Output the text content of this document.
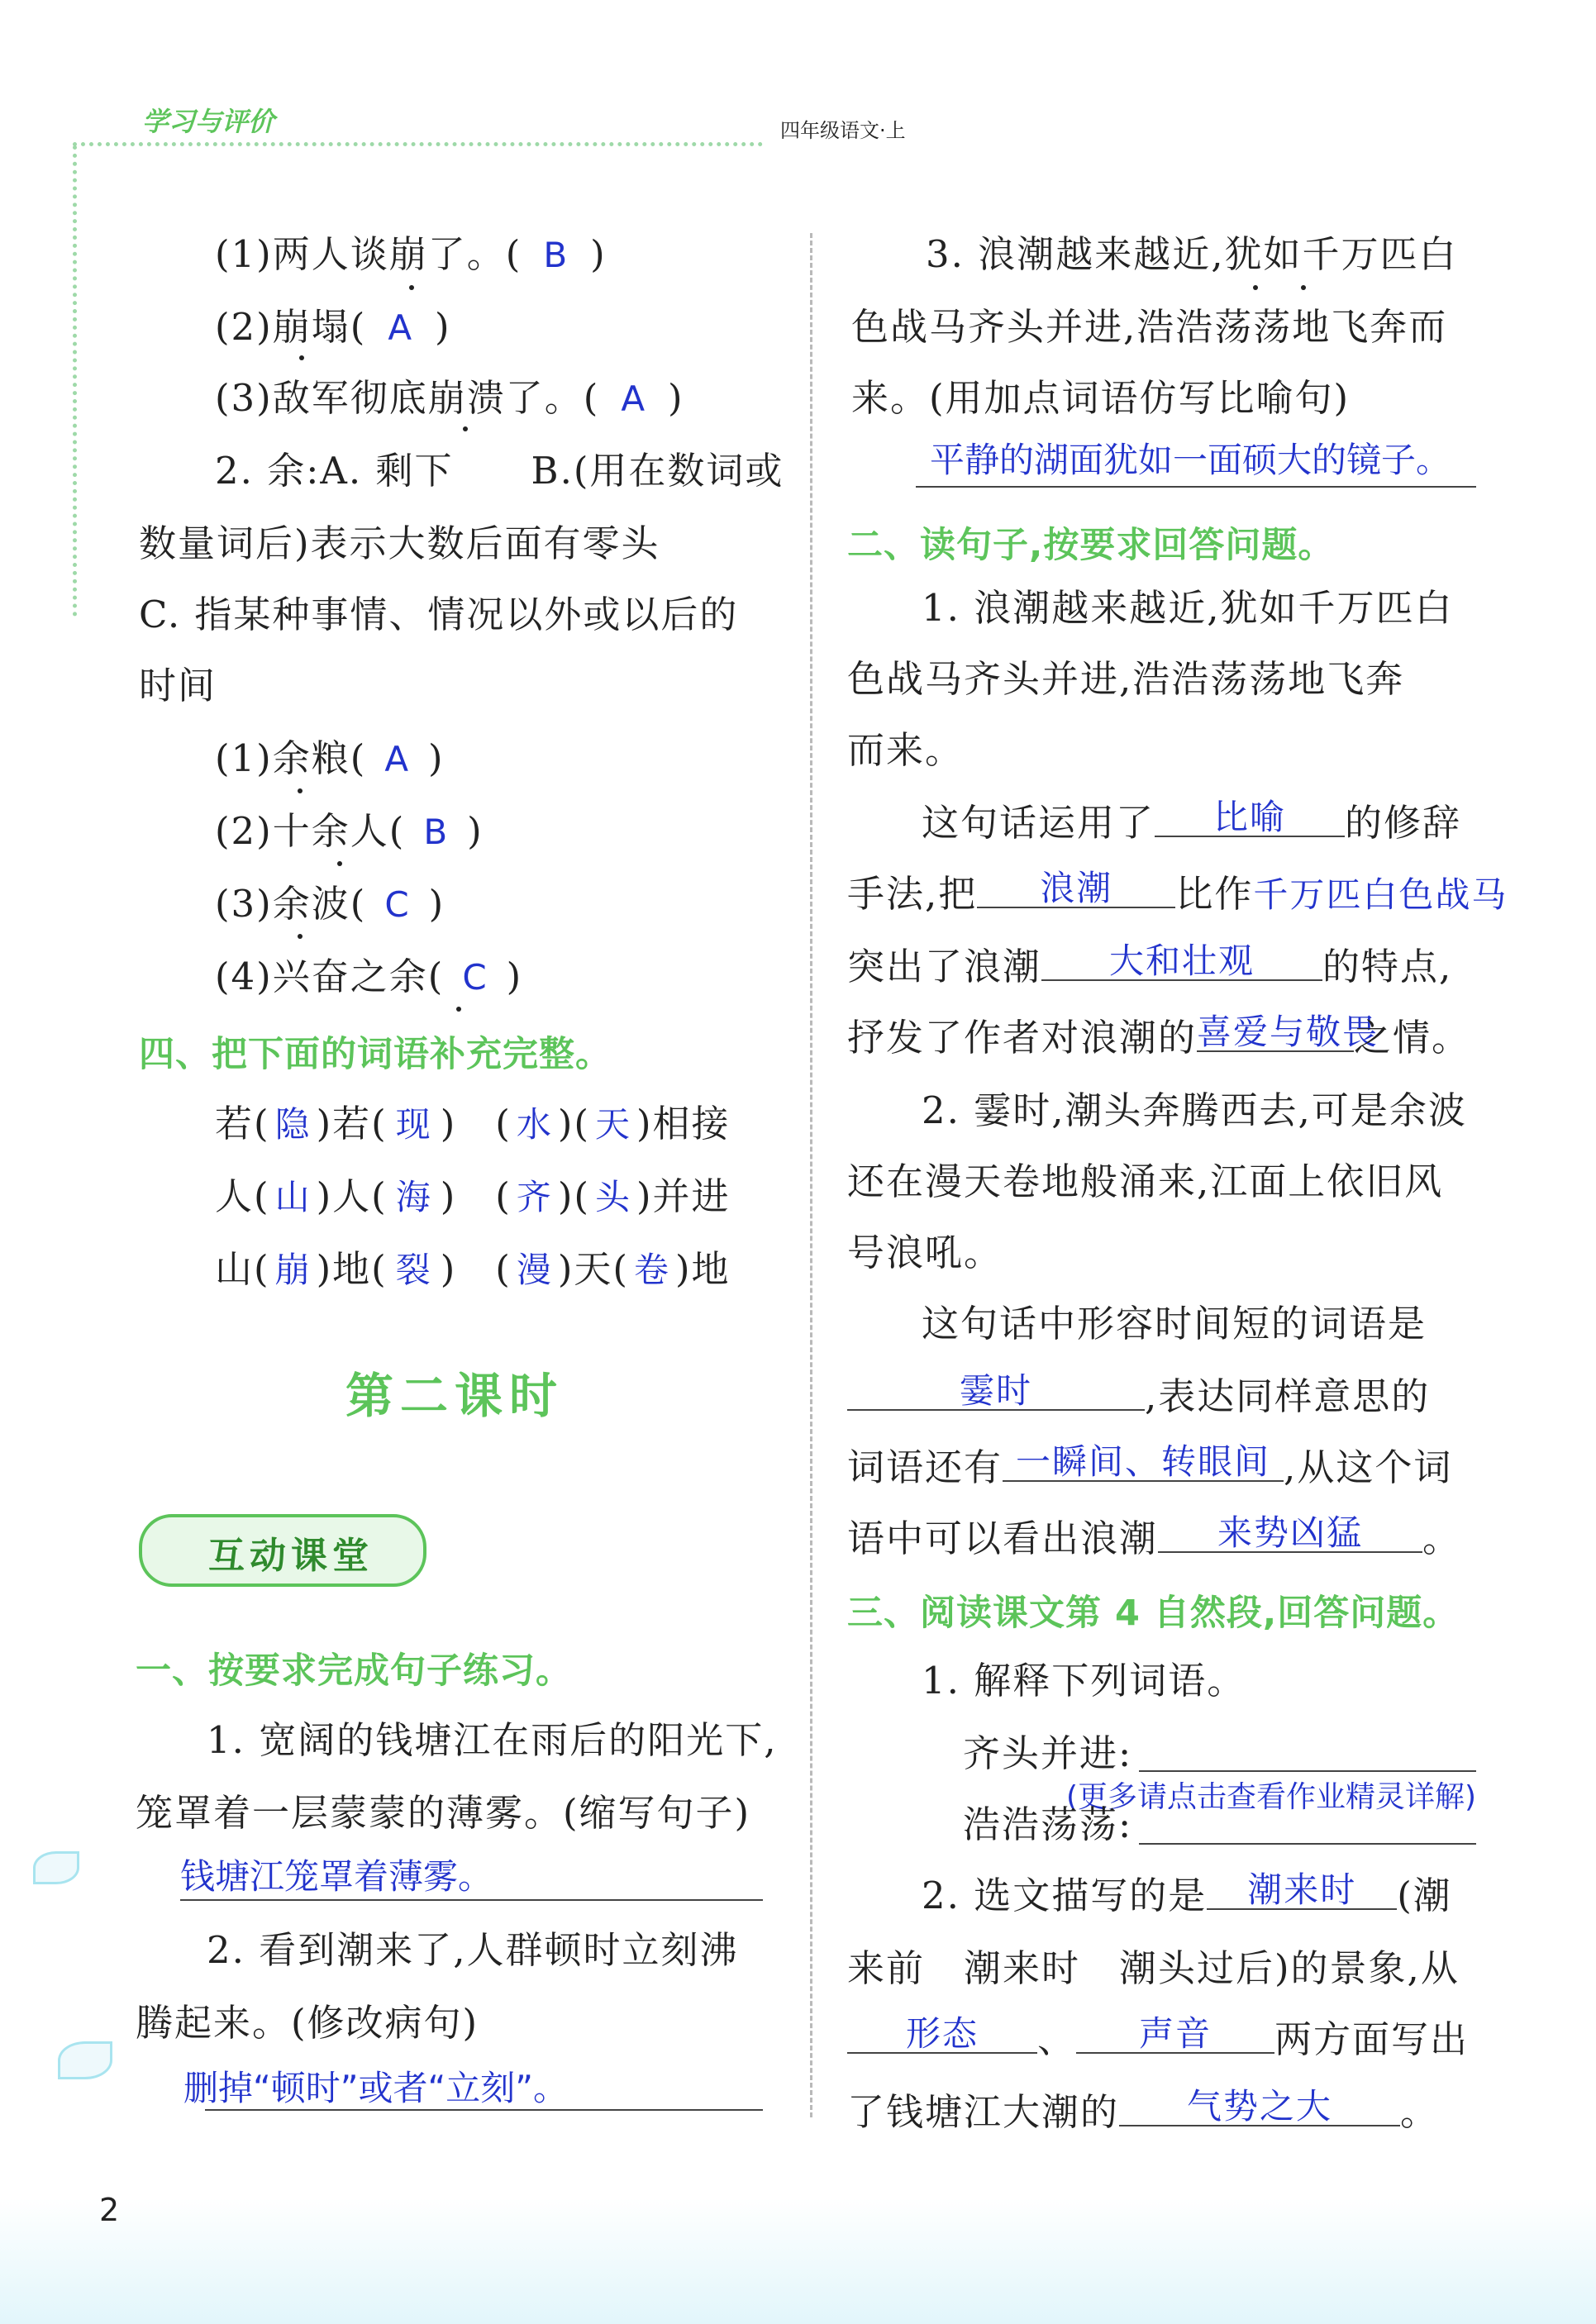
学习与评价	四年级语文·上
(1)两人谈崩了。( B )
(2)崩塌( A )
(3)敌军彻底崩溃了。( A )
2. 余:A. 剩下　　B.(用在数词或
数量词后)表示大数后面有零头
C. 指某种事情、情况以外或以后的
时间
(1)余粮( A )
(2)十余人( B )
(3)余波( C )
(4)兴奋之余( C )
四、把下面的词语补充完整。
若( 隐 )若( 现 )　( 水 )( 天 )相接
人( 山 )人( 海 )　( 齐 )( 头 )并进
山( 崩 )地( 裂 )　( 漫 )天( 卷 )地
第二课时
互动课堂
一、按要求完成句子练习。
1. 宽阔的钱塘江在雨后的阳光下,
笼罩着一层蒙蒙的薄雾。(缩写句子)
钱塘江笼罩着薄雾。
2. 看到潮来了,人群顿时立刻沸
腾起来。(修改病句)
删掉“顿时”或者“立刻”。
3. 浪潮越来越近,犹如千万匹白
色战马齐头并进,浩浩荡荡地飞奔而
来。(用加点词语仿写比喻句)
平静的湖面犹如一面硕大的镜子。
二、读句子,按要求回答问题。
1. 浪潮越来越近,犹如千万匹白
色战马齐头并进,浩浩荡荡地飞奔
而来。
这句话运用了 比喻 的修辞
手法,把 浪潮 比作千万匹白色战马
突出了浪潮 大和壮观 的特点,
抒发了作者对浪潮的喜爱与敬畏之情。
2. 霎时,潮头奔腾西去,可是余波
还在漫天卷地般涌来,江面上依旧风
号浪吼。
这句话中形容时间短的词语是
霎时	,表达同样意思的
词语还有 一瞬间、转眼间 ,从这个词
语中可以看出浪潮 来势凶猛 。
三、阅读课文第 4 自然段,回答问题。
1. 解释下列词语。
齐头并进:
(更多请点击查看作业精灵详解)
浩浩荡荡:
2. 选文描写的是 潮来时 (潮
来前　潮来时　潮头过后)的景象,从
形态 、 声音 两方面写出
了钱塘江大潮的 气势之大 。
2
